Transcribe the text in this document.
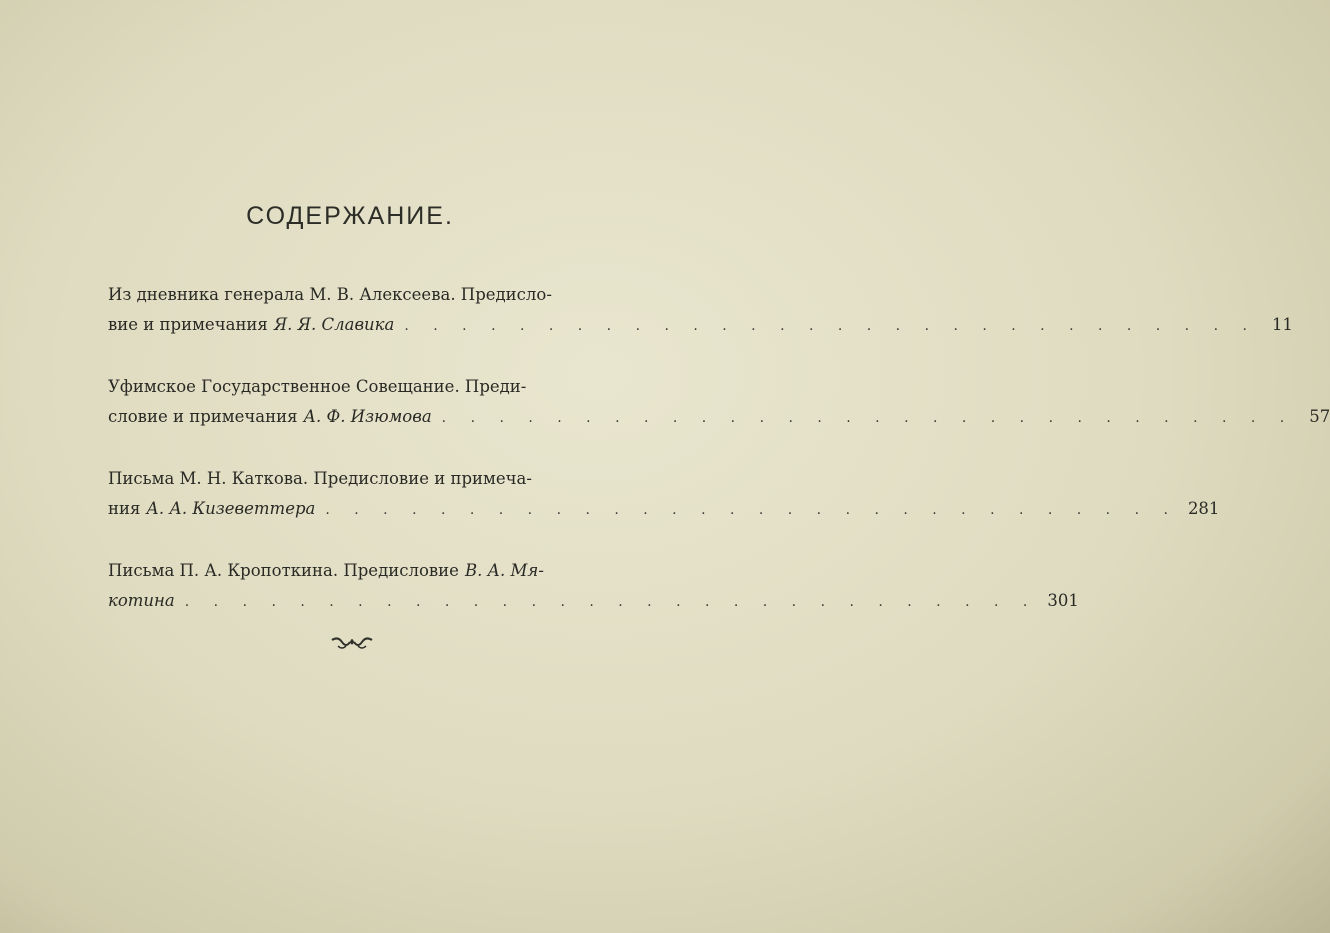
СОДЕРЖАНИЕ.
Из дневника генерала М. В. Алексеева. Предисло-
вие и примечания Я. Я. Славика . . . . . . . . . . . . . . . . . . . . . . . . . . . . . . 11
Уфимское Государственное Совещание. Преди-
словие и примечания А. Ф. Изюмова . . . . . . . . . . . . . . . . . . . . . . . . . . . . . . 57
Письма М. Н. Каткова. Предисловие и примеча-
ния А. А. Кизеветтера . . . . . . . . . . . . . . . . . . . . . . . . . . . . . . 281
Письма П. А. Кропоткина. Предисловие В. А. Мя-
котина . . . . . . . . . . . . . . . . . . . . . . . . . . . . . . 301
